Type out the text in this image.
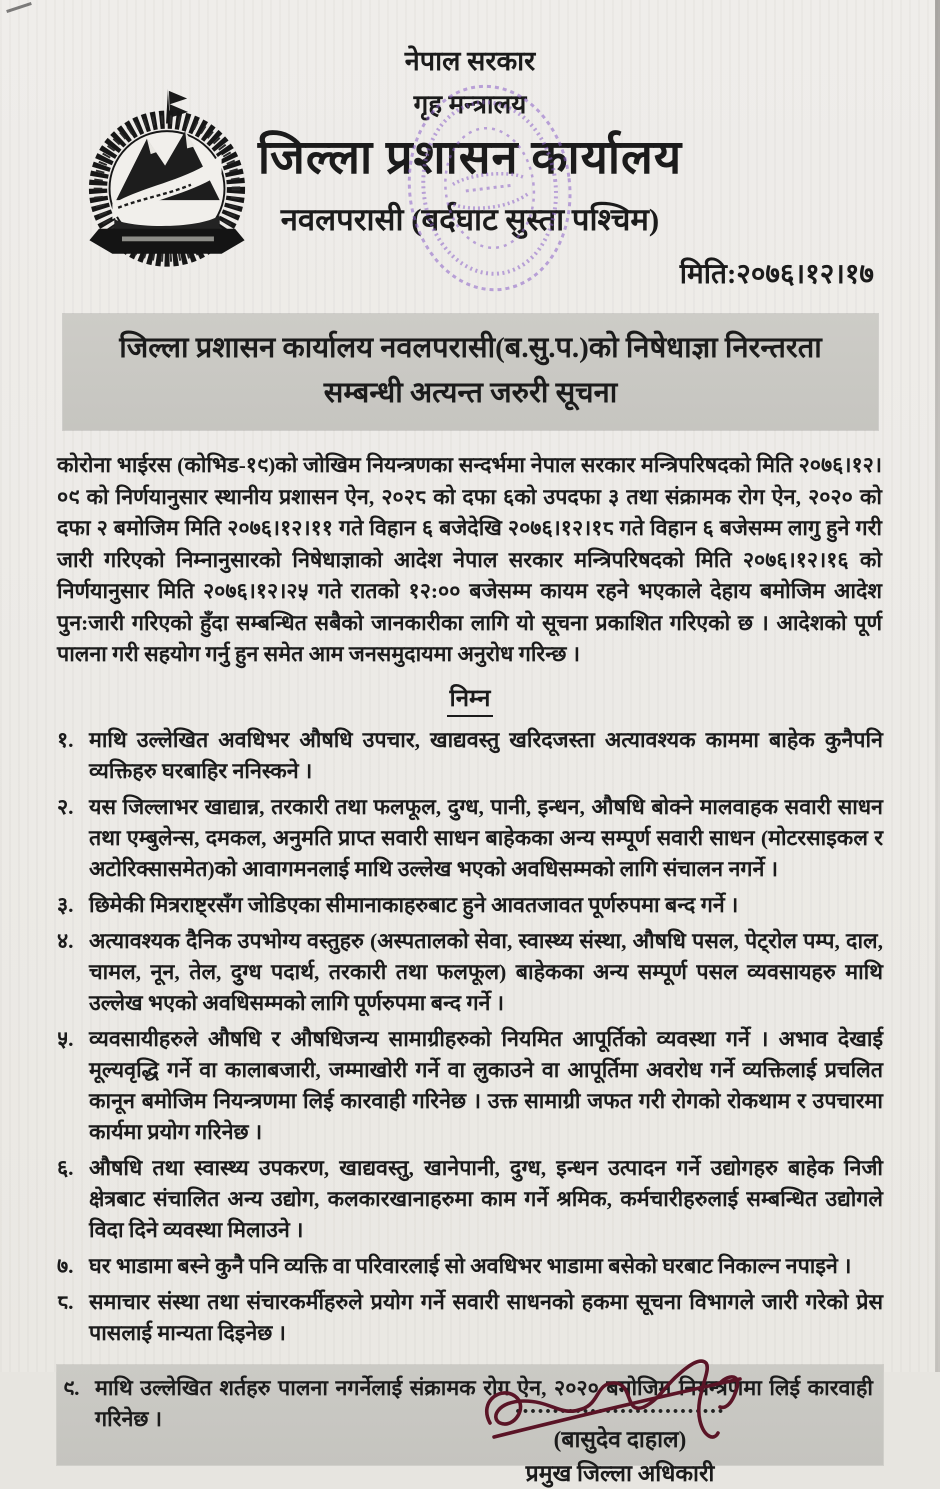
नेपाल सरकार
गृह मन्त्रालय
जिल्ला प्रशासन कार्यालय
नवलपरासी (बर्दघाट सुस्ता पश्चिम)
मिति:२०७६।१२।१७
जिल्ला प्रशासन कार्यालय नवलपरासी(ब.सु.प.)को निषेधाज्ञा निरन्तरता
सम्बन्धी अत्यन्त जरुरी सूचना

कोरोना भाईरस (कोभिड-१९)को जोखिम नियन्त्रणका सन्दर्भमा नेपाल सरकार मन्त्रिपरिषदको मिति २०७६।१२।०९ को निर्णयानुसार स्थानीय प्रशासन ऐन, २०२८ को दफा ६को उपदफा ३ तथा संक्रामक रोग ऐन, २०२० को दफा २ बमोजिम मिति २०७६।१२।११ गते विहान ६ बजेदेखि २०७६।१२।१८ गते विहान ६ बजेसम्म लागु हुने गरी जारी गरिएको निम्नानुसारको निषेधाज्ञाको आदेश नेपाल सरकार मन्त्रिपरिषदको मिति २०७६।१२।१६ को निर्णयानुसार मिति २०७६।१२।२५ गते रातको १२:०० बजेसम्म कायम रहने भएकाले देहाय बमोजिम आदेश पुन:जारी गरिएको हुँदा सम्बन्धित सबैको जानकारीका लागि यो सूचना प्रकाशित गरिएको छ । आदेशको पूर्ण पालना गरी सहयोग गर्नु हुन समेत आम जनसमुदायमा अनुरोध गरिन्छ ।

निम्न
१. माथि उल्लेखित अवधिभर औषधि उपचार, खाद्यवस्तु खरिदजस्ता अत्यावश्यक काममा बाहेक कुनैपनि व्यक्तिहरु घरबाहिर ननिस्कने ।
२. यस जिल्लाभर खाद्यान्न, तरकारी तथा फलफूल, दुग्ध, पानी, इन्धन, औषधि बोक्ने मालवाहक सवारी साधन तथा एम्बुलेन्स, दमकल, अनुमति प्राप्त सवारी साधन बाहेकका अन्य सम्पूर्ण सवारी साधन (मोटरसाइकल र अटोरिक्सासमेत)को आवागमनलाई माथि उल्लेख भएको अवधिसम्मको लागि संचालन नगर्ने ।
३. छिमेकी मित्रराष्ट्रसँग जोडिएका सीमानाकाहरुबाट हुने आवतजावत पूर्णरुपमा बन्द गर्ने ।
४. अत्यावश्यक दैनिक उपभोग्य वस्तुहरु (अस्पतालको सेवा, स्वास्थ्य संस्था, औषधि पसल, पेट्रोल पम्प, दाल, चामल, नून, तेल, दुग्ध पदार्थ, तरकारी तथा फलफूल) बाहेकका अन्य सम्पूर्ण पसल व्यवसायहरु माथि उल्लेख भएको अवधिसम्मको लागि पूर्णरुपमा बन्द गर्ने ।
५. व्यवसायीहरुले औषधि र औषधिजन्य सामाग्रीहरुको नियमित आपूर्तिको व्यवस्था गर्ने । अभाव देखाई मूल्यवृद्धि गर्ने वा कालाबजारी, जम्माखोरी गर्ने वा लुकाउने वा आपूर्तिमा अवरोध गर्ने व्यक्तिलाई प्रचलित कानून बमोजिम नियन्त्रणमा लिई कारवाही गरिनेछ । उक्त सामाग्री जफत गरी रोगको रोकथाम र उपचारमा कार्यमा प्रयोग गरिनेछ ।
६. औषधि तथा स्वास्थ्य उपकरण, खाद्यवस्तु, खानेपानी, दुग्ध, इन्धन उत्पादन गर्ने उद्योगहरु बाहेक निजी क्षेत्रबाट संचालित अन्य उद्योग, कलकारखानाहरुमा काम गर्ने श्रमिक, कर्मचारीहरुलाई सम्बन्धित उद्योगले विदा दिने व्यवस्था मिलाउने ।
७. घर भाडामा बस्ने कुनै पनि व्यक्ति वा परिवारलाई सो अवधिभर भाडामा बसेको घरबाट निकाल्न नपाइने ।
८. समाचार संस्था तथा संचारकर्मीहरुले प्रयोग गर्ने सवारी साधनको हकमा सूचना विभागले जारी गरेको प्रेस पासलाई मान्यता दिइनेछ ।
९. माथि उल्लेखित शर्तहरु पालना नगर्नेलाई संक्रामक रोग ऐन, २०२० बमोजिम नियन्त्रणमा लिई कारवाही गरिनेछ ।	............................
(बासुदेव दाहाल)
प्रमुख जिल्ला अधिकारी
